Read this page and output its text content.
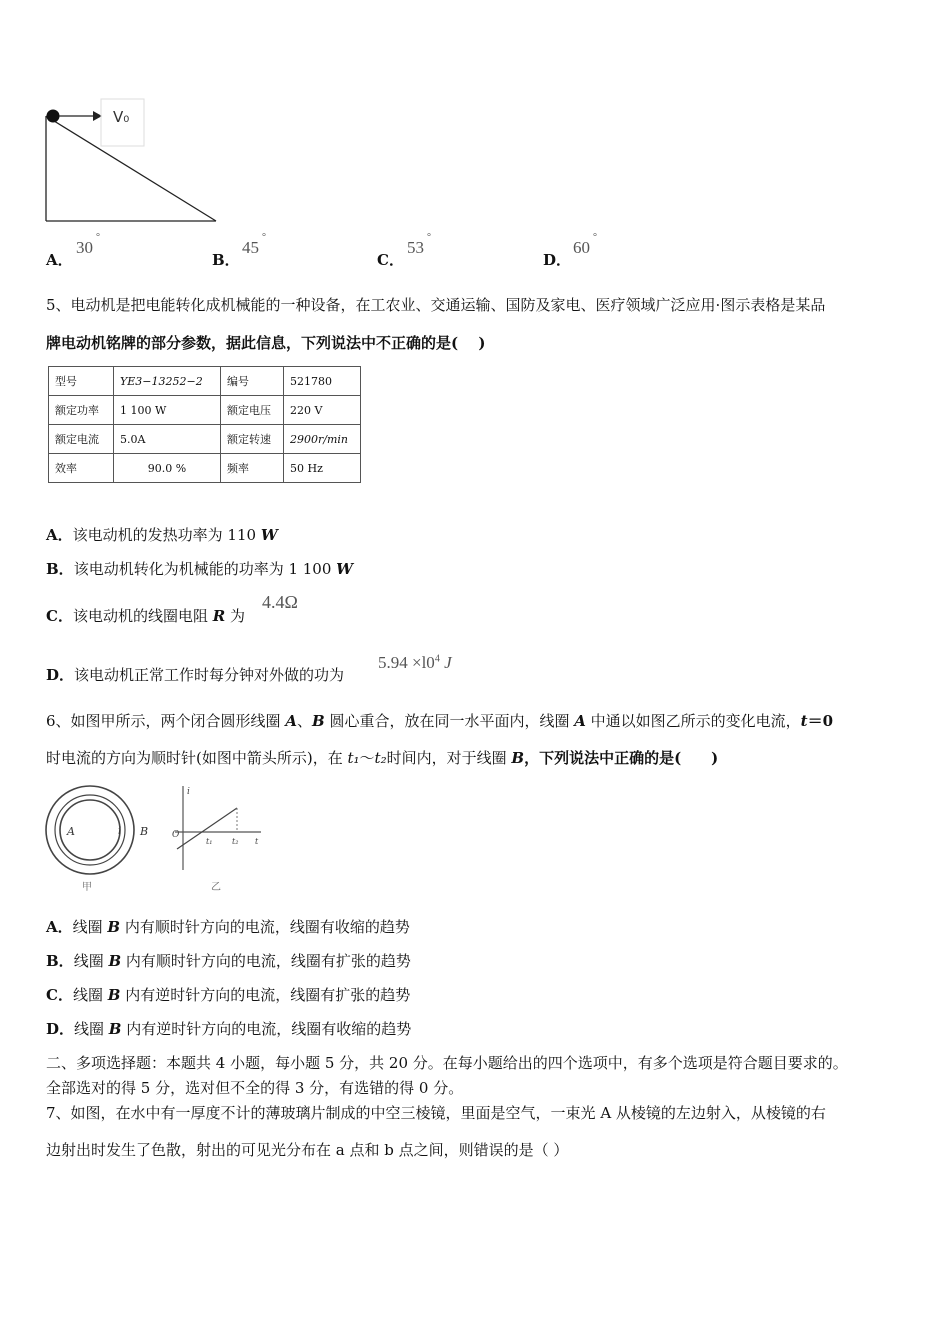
V₀
A．
30
°
B．
45
°
C．
53
°
D．
60
°
5、电动机是把电能转化成机械能的一种设备，在工农业、交通运输、国防及家电、医疗领域广泛应用·图示表格是某品
牌电动机铭牌的部分参数，据此信息，下列说法中不正确的是(　 )
型号	YE3−13252−2	编号	521780
额定功率	1 100 W	额定电压	220 V
额定电流	5.0A	额定转速	2900r/min
效率	90.0 %	频率	50 Hz
A．该电动机的发热功率为 110 W
B．该电动机转化为机械能的功率为 1 100 W
C．该电动机的线圈电阻 R 为
4.4Ω
D．该电动机正常工作时每分钟对外做的功为
$5.94 \times l0^4$ J
6、如图甲所示，两个闭合圆形线圈 A、B 圆心重合，放在同一水平面内，线圈 A 中通以如图乙所示的变化电流，t＝0
时电流的方向为顺时针(如图中箭头所示)，在 t₁～t₂时间内，对于线圈 B，下列说法中正确的是(　　)
A	i B
甲
i
O
t₁ t₂ t
乙
A．线圈 B 内有顺时针方向的电流，线圈有收缩的趋势
B．线圈 B 内有顺时针方向的电流，线圈有扩张的趋势
C．线圈 B 内有逆时针方向的电流，线圈有扩张的趋势
D．线圈 B 内有逆时针方向的电流，线圈有收缩的趋势
二、多项选择题：本题共 4 小题，每小题 5 分，共 20 分。在每小题给出的四个选项中，有多个选项是符合题目要求的。
全部选对的得 5 分，选对但不全的得 3 分，有选错的得 0 分。
7、如图，在水中有一厚度不计的薄玻璃片制成的中空三棱镜，里面是空气，一束光 A 从棱镜的左边射入，从棱镜的右
边射出时发生了色散，射出的可见光分布在 a 点和 b 点之间，则错误的是（ ）
